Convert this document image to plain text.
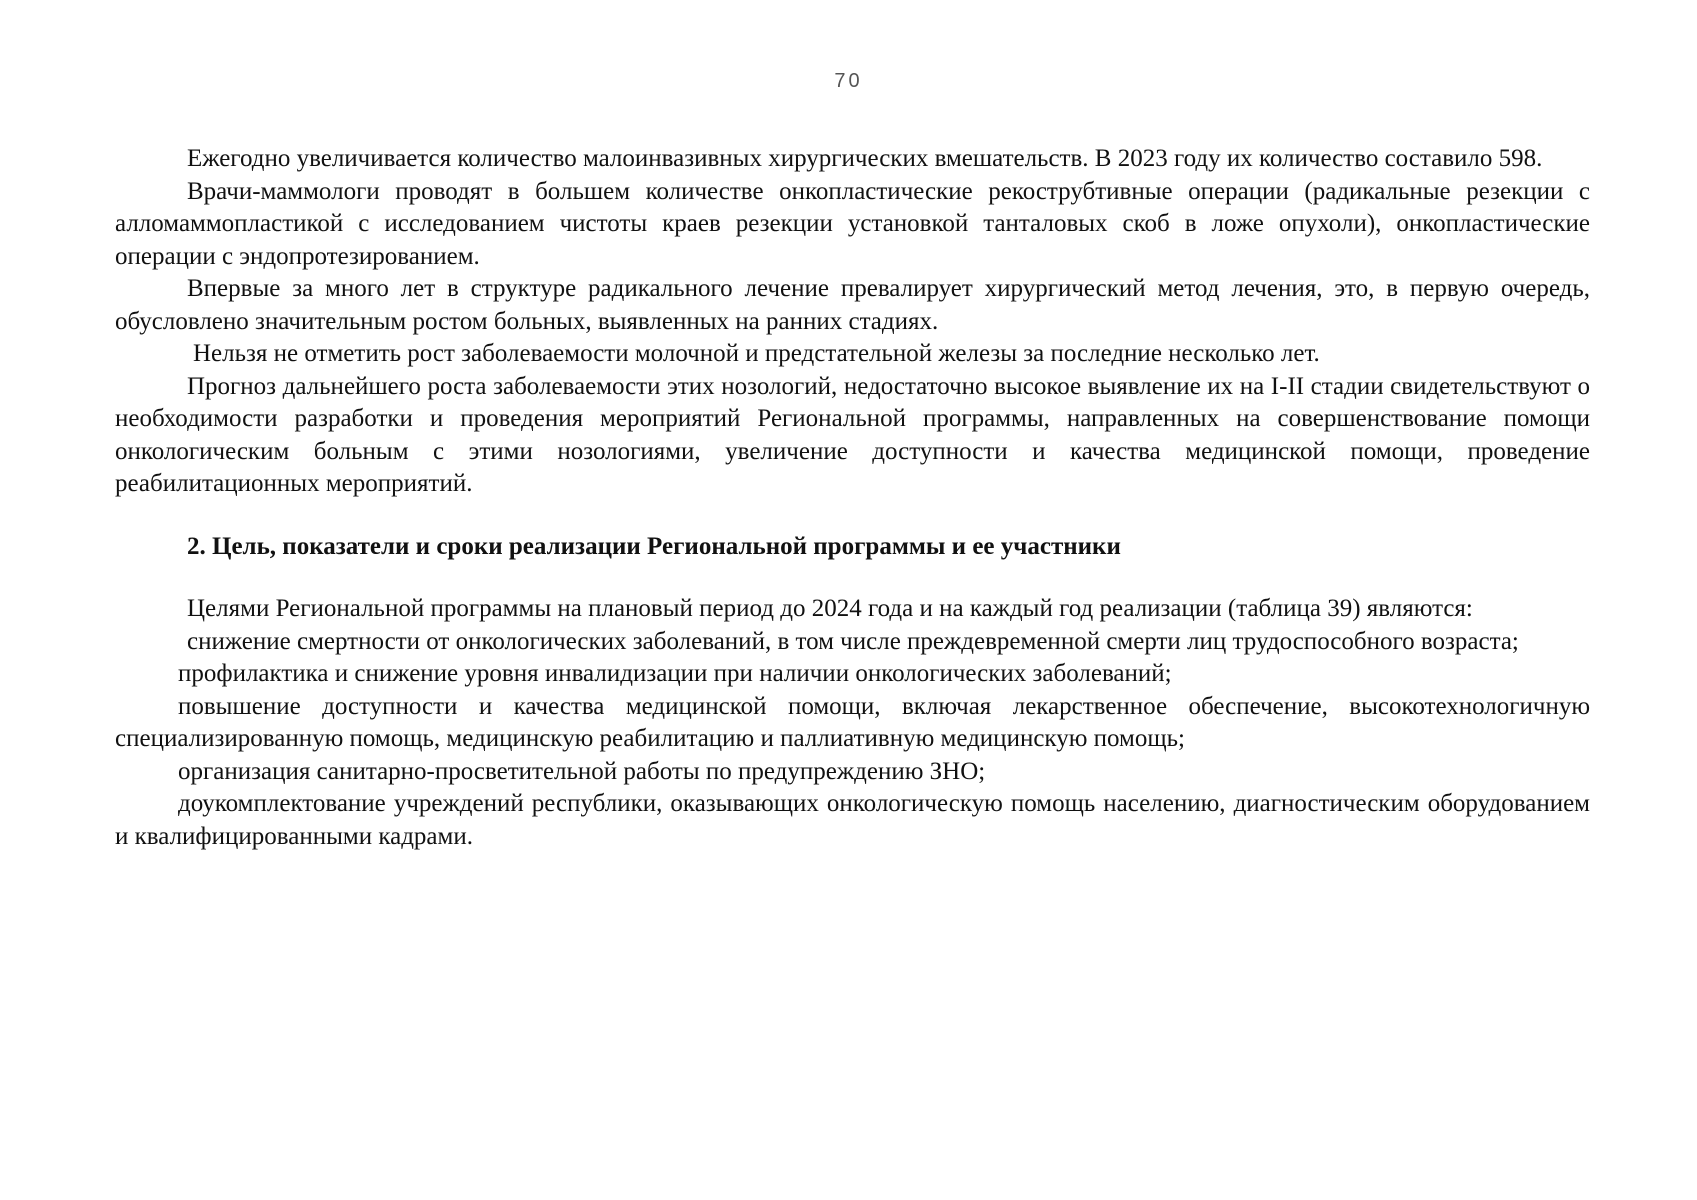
70

Ежегодно увеличивается количество малоинвазивных хирургических вмешательств. В 2023 году их количество составило 598.

Врачи-маммологи проводят в большем количестве онкопластические рекострубтивные операции (радикальные резекции с алломаммопластикой с исследованием чистоты краев резекции установкой танталовых скоб в ложе опухоли), онкопластические операции с эндопротезированием.

Впервые за много лет в структуре радикального лечение превалирует хирургический метод лечения, это, в первую очередь, обусловлено значительным ростом больных, выявленных на ранних стадиях.

Нельзя не отметить рост заболеваемости молочной и предстательной железы за последние несколько лет.

Прогноз дальнейшего роста заболеваемости этих нозологий, недостаточно высокое выявление их на I-II стадии свидетельствуют о необходимости разработки и проведения мероприятий Региональной программы, направленных на совершенствование помощи онкологическим больным с этими нозологиями, увеличение доступности и качества медицинской помощи, проведение реабилитационных мероприятий.

2. Цель, показатели и сроки реализации Региональной программы и ее участники

Целями Региональной программы на плановый период до 2024 года и на каждый год реализации (таблица 39) являются:

снижение смертности от онкологических заболеваний, в том числе преждевременной смерти лиц трудоспособного возраста;

профилактика и снижение уровня инвалидизации при наличии онкологических заболеваний;

повышение доступности и качества медицинской помощи, включая лекарственное обеспечение, высокотехнологичную специализированную помощь, медицинскую реабилитацию и паллиативную медицинскую помощь;

организация санитарно-просветительной работы по предупреждению ЗНО;

доукомплектование учреждений республики, оказывающих онкологическую помощь населению, диагностическим оборудованием и квалифицированными кадрами.
